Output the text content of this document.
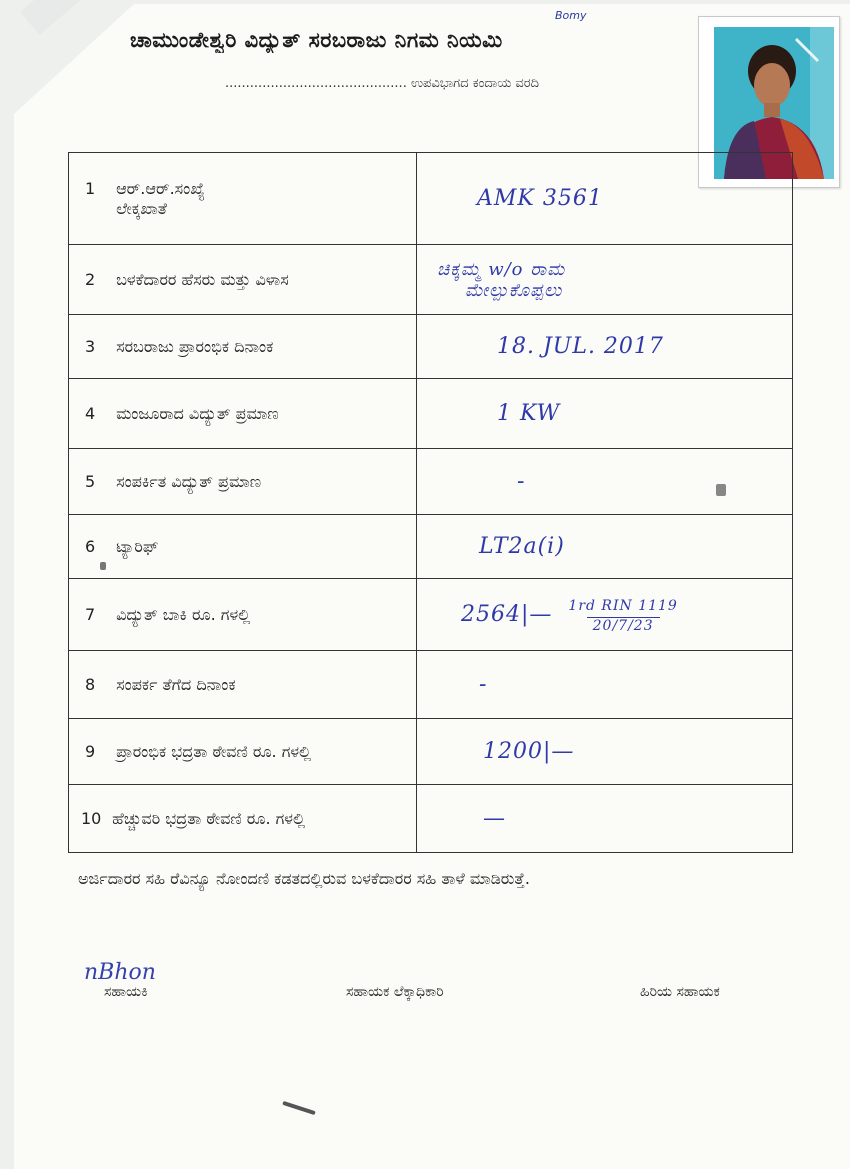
Bomy
ಚಾಮುಂಡೇಶ್ವರಿ ವಿದ್ಯುತ್ ಸರಬರಾಜು ನಿಗಮ ನಿಯಮಿ
............................................ ಉಪವಿಭಾಗದ ಕಂದಾಯ ವರದಿ
1 ಆರ್.ಆರ್.ಸಂಖ್ಯೆ
ಲೇಕ್ಕಖಾತೆ	AMK 3561
2 ಬಳಕೆದಾರರ ಹೆಸರು ಮತ್ತು ವಿಳಾಸ	ಚಿಕ್ಕಮ್ಮ w/o ರಾಮ
ಮೇಲ್ಪುಕೊಪ್ಪಲು
3 ಸರಬರಾಜು ಪ್ರಾರಂಭಿಕ ದಿನಾಂಕ	18. JUL. 2017
4 ಮಂಜೂರಾದ ವಿದ್ಯುತ್ ಪ್ರಮಾಣ	1 KW
5 ಸಂಪರ್ಕಿತ ವಿದ್ಯುತ್ ಪ್ರಮಾಣ	-
6 ಟ್ಯಾರಿಫ್	LT2a(i)
7 ವಿದ್ಯುತ್ ಬಾಕಿ ರೂ. ಗಳಲ್ಲಿ	2564|— 1rd RIN 1119
20/7/23
8 ಸಂಪರ್ಕ ತೆಗೆದ ದಿನಾಂಕ	-
9 ಪ್ರಾರಂಭಿಕ ಭದ್ರತಾ ಠೇವಣಿ ರೂ. ಗಳಲ್ಲಿ	1200|—
10 ಹೆಚ್ಚುವರಿ ಭದ್ರತಾ ಠೇವಣಿ ರೂ. ಗಳಲ್ಲಿ	—
ಅರ್ಜಿದಾರರ ಸಹಿ ರೆವಿನ್ಯೂ ನೋಂದಣಿ ಕಡತದಲ್ಲಿರುವ ಬಳಕೆದಾರರ ಸಹಿ ತಾಳೆ ಮಾಡಿರುತ್ತೆ.
nBhon
ಸಹಾಯಕಿ	ಸಹಾಯಕ ಲೆಕ್ಕಾಧಿಕಾರಿ	ಹಿರಿಯ ಸಹಾಯಕ
